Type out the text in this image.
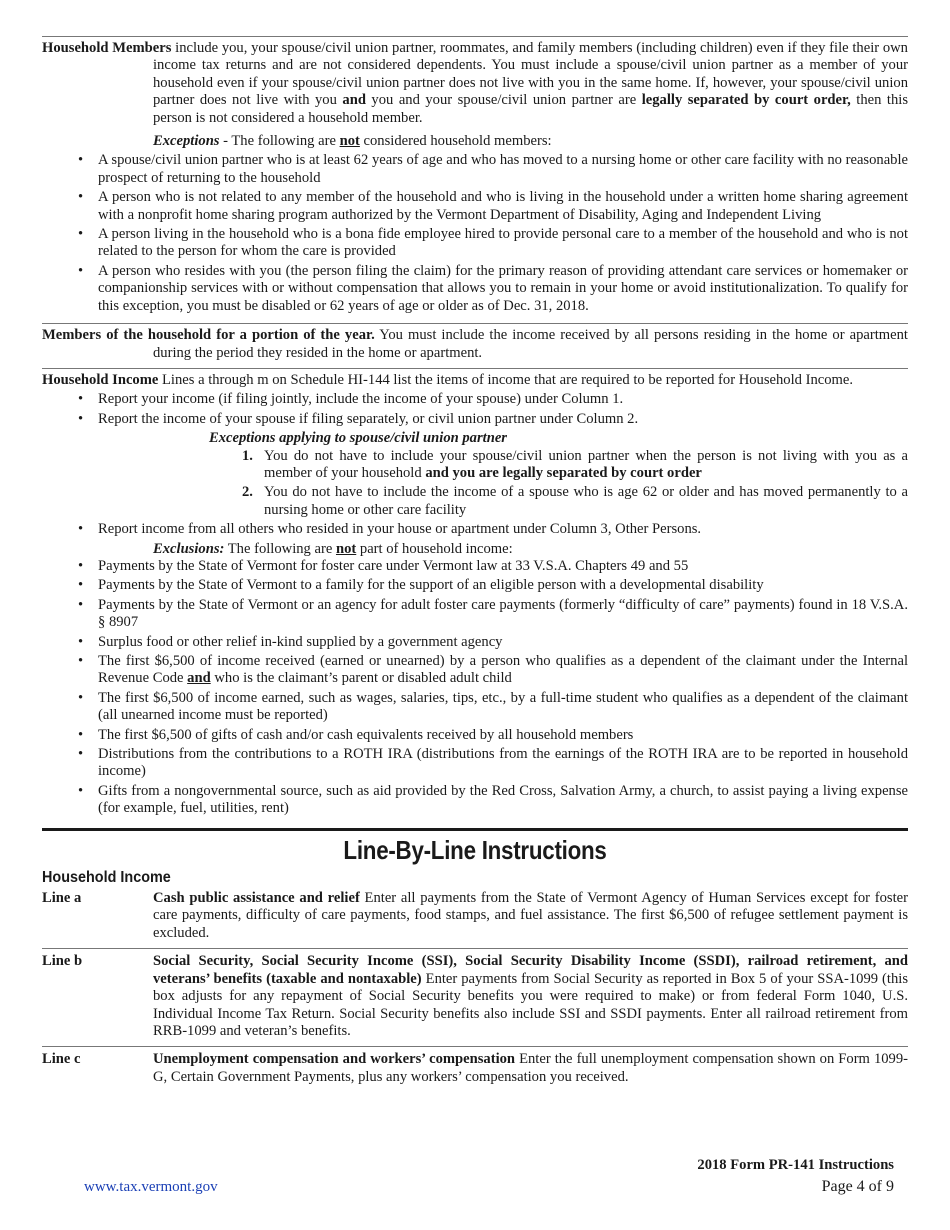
Household Members include you, your spouse/civil union partner, roommates, and family members (including children) even if they file their own income tax returns and are not considered dependents. You must include a spouse/civil union partner as a member of your household even if your spouse/civil union partner does not live with you in the same home. If, however, your spouse/civil union partner does not live with you and you and your spouse/civil union partner are legally separated by court order, then this person is not considered a household member.

Exceptions - The following are not considered household members:

• A spouse/civil union partner who is at least 62 years of age and who has moved to a nursing home or other care facility with no reasonable prospect of returning to the household
• A person who is not related to any member of the household and who is living in the household under a written home sharing agreement with a nonprofit home sharing program authorized by the Vermont Department of Disability, Aging and Independent Living
• A person living in the household who is a bona fide employee hired to provide personal care to a member of the household and who is not related to the person for whom the care is provided
• A person who resides with you (the person filing the claim) for the primary reason of providing attendant care services or homemaker or companionship services with or without compensation that allows you to remain in your home or avoid institutionalization. To qualify for this exception, you must be disabled or 62 years of age or older as of Dec. 31, 2018.

Members of the household for a portion of the year. You must include the income received by all persons residing in the home or apartment during the period they resided in the home or apartment.

Household Income Lines a through m on Schedule HI-144 list the items of income that are required to be reported for Household Income.

• Report your income (if filing jointly, include the income of your spouse) under Column 1.
• Report the income of your spouse if filing separately, or civil union partner under Column 2.

Exceptions applying to spouse/civil union partner

1. You do not have to include your spouse/civil union partner when the person is not living with you as a member of your household and you are legally separated by court order
2. You do not have to include the income of a spouse who is age 62 or older and has moved permanently to a nursing home or other care facility
• Report income from all others who resided in your house or apartment under Column 3, Other Persons.

Exclusions: The following are not part of household income:

• Payments by the State of Vermont for foster care under Vermont law at 33 V.S.A. Chapters 49 and 55
• Payments by the State of Vermont to a family for the support of an eligible person with a developmental disability
• Payments by the State of Vermont or an agency for adult foster care payments (formerly “difficulty of care” payments) found in 18 V.S.A. § 8907
• Surplus food or other relief in-kind supplied by a government agency
• The first $6,500 of income received (earned or unearned) by a person who qualifies as a dependent of the claimant under the Internal Revenue Code and who is the claimant’s parent or disabled adult child
• The first $6,500 of income earned, such as wages, salaries, tips, etc., by a full-time student who qualifies as a dependent of the claimant (all unearned income must be reported)
• The first $6,500 of gifts of cash and/or cash equivalents received by all household members
• Distributions from the contributions to a ROTH IRA (distributions from the earnings of the ROTH IRA are to be reported in household income)
• Gifts from a nongovernmental source, such as aid provided by the Red Cross, Salvation Army, a church, to assist paying a living expense (for example, fuel, utilities, rent)
Line-By-Line Instructions
Household Income
Line a	Cash public assistance and relief Enter all payments from the State of Vermont Agency of Human Services except for foster care payments, difficulty of care payments, food stamps, and fuel assistance. The first $6,500 of refugee settlement payment is excluded.
Line b	Social Security, Social Security Income (SSI), Social Security Disability Income (SSDI), railroad retirement, and veterans’ benefits (taxable and nontaxable) Enter payments from Social Security as reported in Box 5 of your SSA-1099 (this box adjusts for any repayment of Social Security benefits you were required to make) or from federal Form 1040, U.S. Individual Income Tax Return. Social Security benefits also include SSI and SSDI payments. Enter all railroad retirement from RRB-1099 and veteran’s benefits.
Line c	Unemployment compensation and workers’ compensation Enter the full unemployment compensation shown on Form 1099-G, Certain Government Payments, plus any workers’ compensation you received.
2018 Form PR-141 Instructions
www.tax.vermont.gov	Page 4 of 9
